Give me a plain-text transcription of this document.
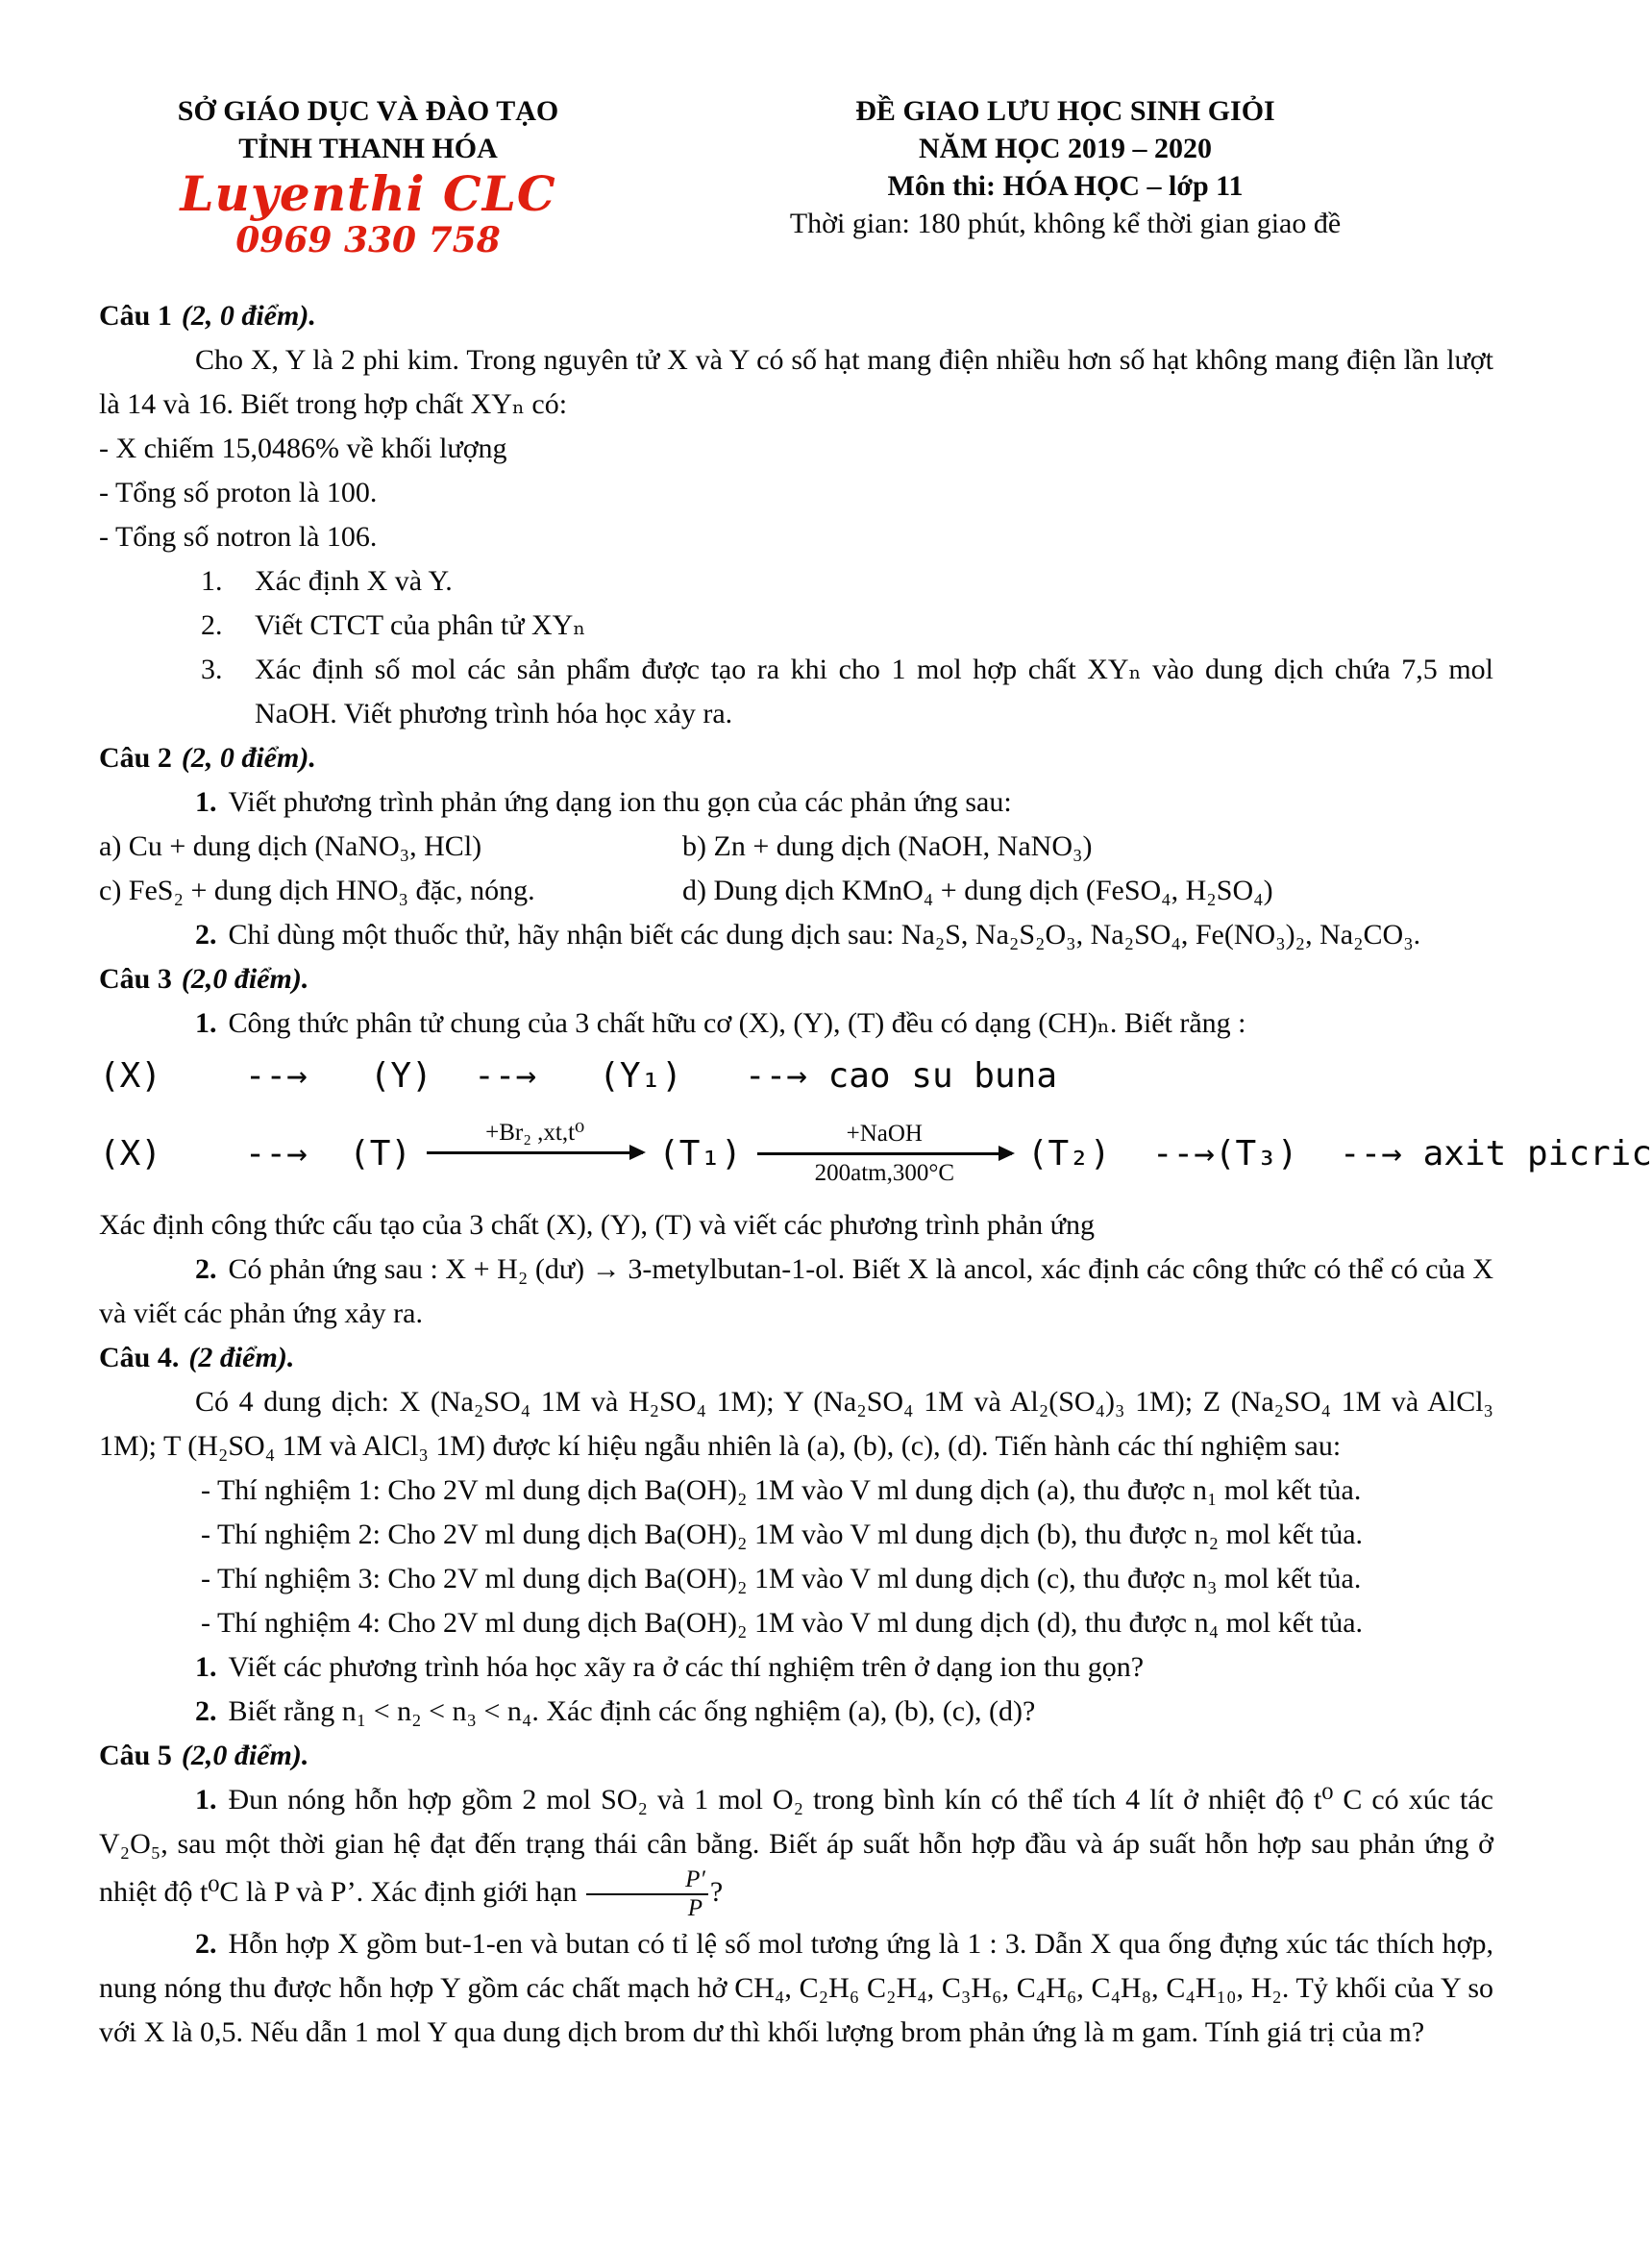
SỞ GIÁO DỤC VÀ ĐÀO TẠO
TỈNH THANH HÓA
Luyenthi CLC
0969 330 758
ĐỀ GIAO LƯU HỌC SINH GIỎI
NĂM HỌC 2019 – 2020
Môn thi: HÓA HỌC – lớp 11
Thời gian: 180 phút, không kể thời gian giao đề

Câu 1 (2, 0 điểm).

Cho X, Y là 2 phi kim. Trong nguyên tử X và Y có số hạt mang điện nhiều hơn số hạt không mang điện lần lượt là 14 và 16. Biết trong hợp chất XYₙ có:

- X chiếm 15,0486% về khối lượng

- Tổng số proton là 100.

- Tổng số notron là 106.

1.	Xác định X và Y.
2.	Viết CTCT của phân tử XYₙ
3.	Xác định số mol các sản phẩm được tạo ra khi cho 1 mol hợp chất XYₙ vào dung dịch chứa 7,5 mol NaOH. Viết phương trình hóa học xảy ra.

Câu 2 (2, 0 điểm).

1. Viết phương trình phản ứng dạng ion thu gọn của các phản ứng sau:

a) Cu + dung dịch (NaNO₃, HCl)	b) Zn + dung dịch (NaOH, NaNO₃)
c) FeS₂ + dung dịch HNO₃ đặc, nóng.	d) Dung dịch KMnO₄ + dung dịch (FeSO₄, H₂SO₄)

2. Chỉ dùng một thuốc thử, hãy nhận biết các dung dịch sau: Na₂S, Na₂S₂O₃, Na₂SO₄, Fe(NO₃)₂, Na₂CO₃.

Câu 3 (2,0 điểm).

1. Công thức phân tử chung của 3 chất hữu cơ (X), (Y), (T) đều có dạng (CH)ₙ. Biết rằng :

(X)    --→   (Y)  --→   (Y₁)   --→ cao su buna
(X)    --→  (T)
+Br₂ ,xt,t⁰
(T₁)
+NaOH
200atm,300°C (T₂)  --→(T₃)  --→ axit picric

Xác định công thức cấu tạo của 3 chất (X), (Y), (T) và viết các phương trình phản ứng

2. Có phản ứng sau : X + H₂ (dư) → 3-metylbutan-1-ol. Biết X là ancol, xác định các công thức có thể có của X và viết các phản ứng xảy ra.

Câu 4. (2 điểm).

Có 4 dung dịch: X (Na₂SO₄ 1M và H₂SO₄ 1M); Y (Na₂SO₄ 1M và Al₂(SO₄)₃ 1M); Z (Na₂SO₄ 1M và AlCl₃ 1M); T (H₂SO₄ 1M và AlCl₃ 1M) được kí hiệu ngẫu nhiên là (a), (b), (c), (d). Tiến hành các thí nghiệm sau:

- Thí nghiệm 1: Cho 2V ml dung dịch Ba(OH)₂ 1M vào V ml dung dịch (a), thu được n₁ mol kết tủa.

- Thí nghiệm 2: Cho 2V ml dung dịch Ba(OH)₂ 1M vào V ml dung dịch (b), thu được n₂ mol kết tủa.

- Thí nghiệm 3: Cho 2V ml dung dịch Ba(OH)₂ 1M vào V ml dung dịch (c), thu được n₃ mol kết tủa.

- Thí nghiệm 4: Cho 2V ml dung dịch Ba(OH)₂ 1M vào V ml dung dịch (d), thu được n₄ mol kết tủa.

1. Viết các phương trình hóa học xãy ra ở các thí nghiệm trên ở dạng ion thu gọn?

2. Biết rằng n₁ < n₂ < n₃ < n₄. Xác định các ống nghiệm (a), (b), (c), (d)?

Câu 5 (2,0 điểm).

1. Đun nóng hỗn hợp gồm 2 mol SO₂ và 1 mol O₂ trong bình kín có thể tích 4 lít ở nhiệt độ t⁰ C có xúc tác V₂O₅, sau một thời gian hệ đạt đến trạng thái cân bằng. Biết áp suất hỗn hợp đầu và áp suất hỗn hợp sau phản ứng ở nhiệt độ t⁰C là P và P’. Xác định giới hạn $\frac{P'}{P}$ ?

2. Hỗn hợp X gồm but-1-en và butan có tỉ lệ số mol tương ứng là 1 : 3. Dẫn X qua ống đựng xúc tác thích hợp, nung nóng thu được hỗn hợp Y gồm các chất mạch hở CH₄, C₂H₆ C₂H₄, C₃H₆, C₄H₆, C₄H₈, C₄H₁₀, H₂. Tỷ khối của Y so với X là 0,5. Nếu dẫn 1 mol Y qua dung dịch brom dư thì khối lượng brom phản ứng là m gam. Tính giá trị của m?
